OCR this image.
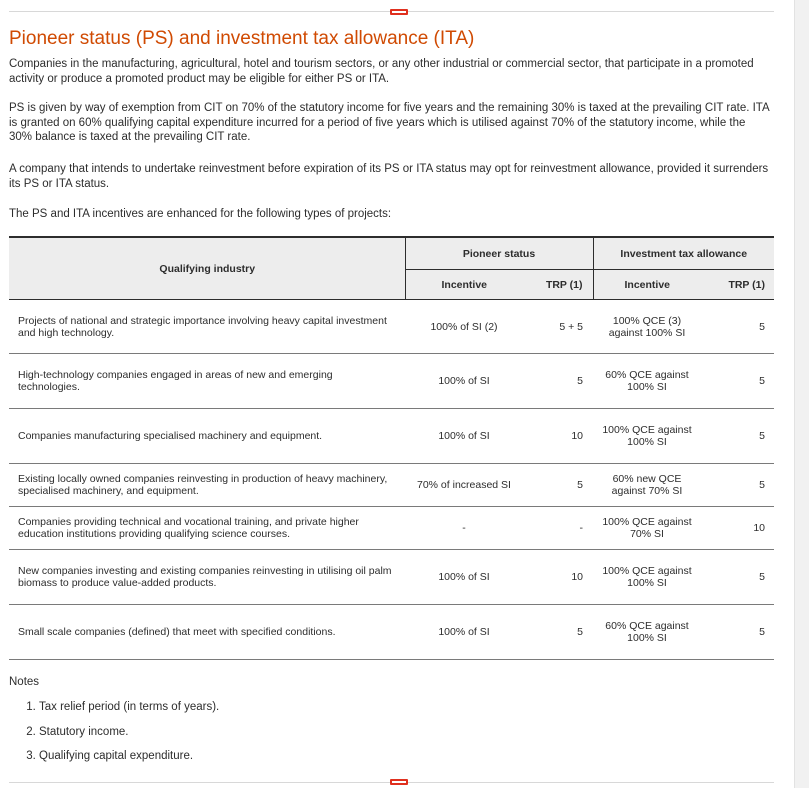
Pioneer status (PS) and investment tax allowance (ITA)

Companies in the manufacturing, agricultural, hotel and tourism sectors, or any other industrial or commercial sector, that participate in a promoted activity or produce a promoted product may be eligible for either PS or ITA.

PS is given by way of exemption from CIT on 70% of the statutory income for five years and the remaining 30% is taxed at the prevailing CIT rate. ITA is granted on 60% qualifying capital expenditure incurred for a period of five years which is utilised against 70% of the statutory income, while the 30% balance is taxed at the prevailing CIT rate.

A company that intends to undertake reinvestment before expiration of its PS or ITA status may opt for reinvestment allowance, provided it surrenders its PS or ITA status.

The PS and ITA incentives are enhanced for the following types of projects:

Qualifying industry	Pioneer status		Investment tax allowance	
	Incentive	TRP (1)	Incentive	TRP (1)
Projects of national and strategic importance involving heavy capital investment and high technology.	100% of SI (2)	5 + 5	100% QCE (3) against 100% SI	5
High-technology companies engaged in areas of new and emerging technologies.	100% of SI	5	60% QCE against 100% SI	5
Companies manufacturing specialised machinery and equipment.	100% of SI	10	100% QCE against 100% SI	5
Existing locally owned companies reinvesting in production of heavy machinery, specialised machinery, and equipment.	70% of increased SI	5	60% new QCE against 70% SI	5
Companies providing technical and vocational training, and private higher education institutions providing qualifying science courses.	-	-	100% QCE against 70% SI	10
New companies investing and existing companies reinvesting in utilising oil palm biomass to produce value-added products.	100% of SI	10	100% QCE against 100% SI	5
Small scale companies (defined) that meet with specified conditions.	100% of SI	5	60% QCE against 100% SI	5

Notes

1. Tax relief period (in terms of years).
2. Statutory income.
3. Qualifying capital expenditure.
